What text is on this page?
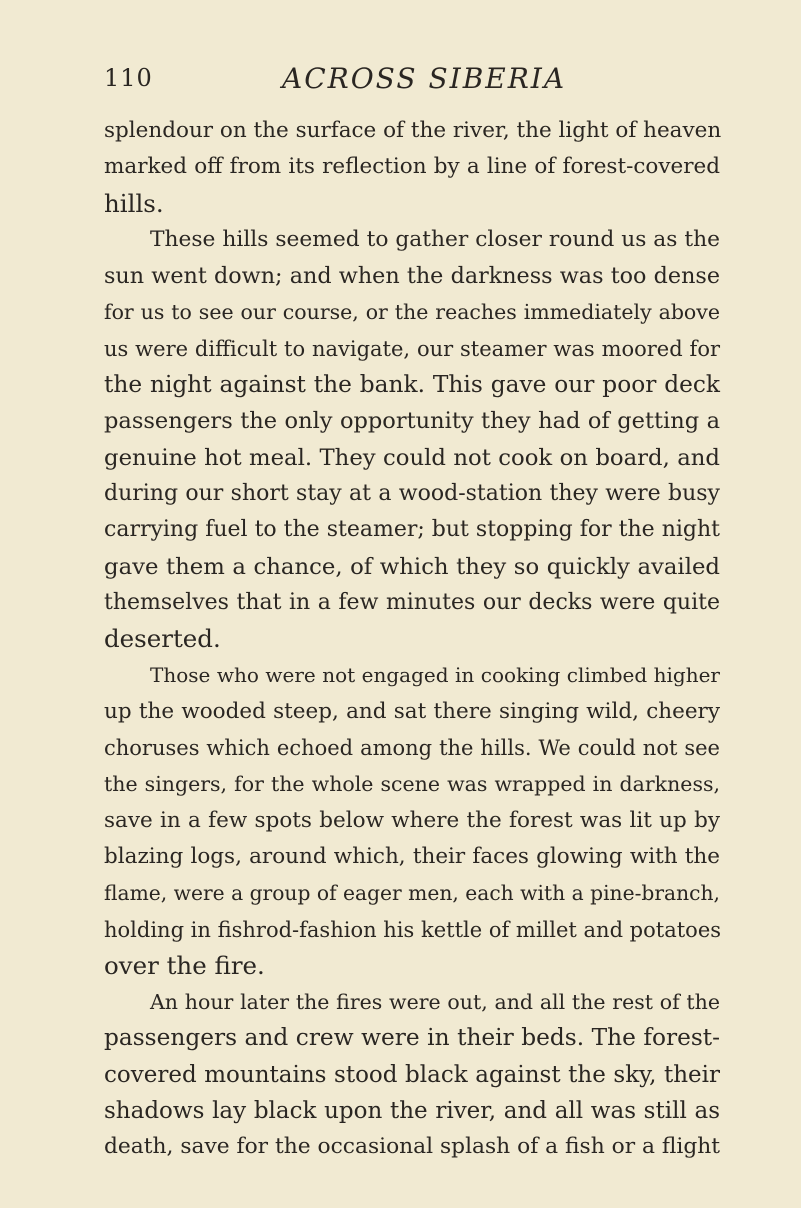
110	ACROSS SIBERIA
splendour on the surface of the river, the light of heaven
marked off from its reflection by a line of forest-covered
hills.
These hills seemed to gather closer round us as the
sun went down; and when the darkness was too dense
for us to see our course, or the reaches immediately above
us were difficult to navigate, our steamer was moored for
the night against the bank. This gave our poor deck
passengers the only opportunity they had of getting a
genuine hot meal. They could not cook on board, and
during our short stay at a wood-station they were busy
carrying fuel to the steamer; but stopping for the night
gave them a chance, of which they so quickly availed
themselves that in a few minutes our decks were quite
deserted.
Those who were not engaged in cooking climbed higher
up the wooded steep, and sat there singing wild, cheery
choruses which echoed among the hills. We could not see
the singers, for the whole scene was wrapped in darkness,
save in a few spots below where the forest was lit up by
blazing logs, around which, their faces glowing with the
flame, were a group of eager men, each with a pine-branch,
holding in fishrod-fashion his kettle of millet and potatoes
over the fire.
An hour later the fires were out, and all the rest of the
passengers and crew were in their beds. The forest-
covered mountains stood black against the sky, their
shadows lay black upon the river, and all was still as
death, save for the occasional splash of a fish or a flight
